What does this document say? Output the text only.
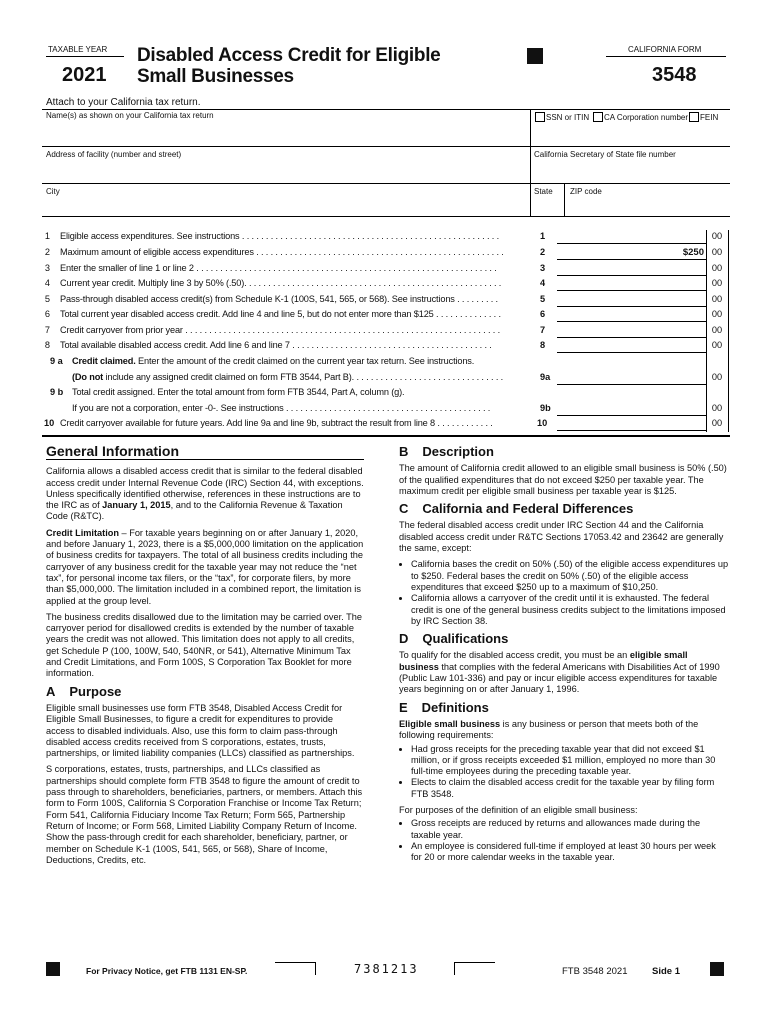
TAXABLE YEAR
2021
Disabled Access Credit for Eligible
Small Businesses
CALIFORNIA FORM
3548
Attach to your California tax return.
Name(s) as shown on your California tax return	SSN or ITIN CA Corporation number FEIN
Address of facility (number and street)	California Secretary of State file number
City	State ZIP code
1 Eligible access expenditures. See instructions . . . . . . . . . . . . . . . . . . . . . . . . . . . . . . . . . . . . . . . . . . . . . . . . . . . . . .	1	00
2 Maximum amount of eligible access expenditures . . . . . . . . . . . . . . . . . . . . . . . . . . . . . . . . . . . . . . . . . . . . . . . . . . . .	2	$250 00
3 Enter the smaller of line 1 or line 2 . . . . . . . . . . . . . . . . . . . . . . . . . . . . . . . . . . . . . . . . . . . . . . . . . . . . . . . . . . . . . . .	3	00
4 Current year credit. Multiply line 3 by 50% (.50). . . . . . . . . . . . . . . . . . . . . . . . . . . . . . . . . . . . . . . . . . . . . . . . . . . . . .	4	00
5 Pass-through disabled access credit(s) from Schedule K-1 (100S, 541, 565, or 568). See instructions . . . . . . . . .	5	00
6 Total current year disabled access credit. Add line 4 and line 5, but do not enter more than $125 . . . . . . . . . . . . . .	6	00
7 Credit carryover from prior year . . . . . . . . . . . . . . . . . . . . . . . . . . . . . . . . . . . . . . . . . . . . . . . . . . . . . . . . . . . . . . . . . .	7	00
8 Total available disabled access credit. Add line 6 and line 7 . . . . . . . . . . . . . . . . . . . . . . . . . . . . . . . . . . . . . . . . . .	8	00
9 a Credit claimed. Enter the amount of the credit claimed on the current year tax return. See instructions.
(Do not include any assigned credit claimed on form FTB 3544, Part B). . . . . . . . . . . . . . . . . . . . . . . . . . . . . . . .	9a	00
9 b Total credit assigned. Enter the total amount from form FTB 3544, Part A, column (g).
If you are not a corporation, enter -0-. See instructions . . . . . . . . . . . . . . . . . . . . . . . . . . . . . . . . . . . . . . . . . . .	9b	00
10 Credit carryover available for future years. Add line 9a and line 9b, subtract the result from line 8 . . . . . . . . . . . .	10	00
General Information

California allows a disabled access credit that is similar to the federal disabled access credit under Internal Revenue Code (IRC) Section 44, with exceptions. Unless specifically identified otherwise, references in these instructions are to the IRC as of January 1, 2015, and to the California Revenue & Taxation Code (R&TC).

Credit Limitation – For taxable years beginning on or after January 1, 2020, and before January 1, 2023, there is a $5,000,000 limitation on the application of business credits for taxpayers. The total of all business credits including the carryover of any business credit for the taxable year may not reduce the “net tax”, for personal income tax filers, or the “tax”, for corporate filers, by more than $5,000,000. The limitation included in a combined report, the limitation is applied at the group level.

The business credits disallowed due to the limitation may be carried over. The carryover period for disallowed credits is extended by the number of taxable years the credit was not allowed. This limitation does not apply to all credits, get Schedule P (100, 100W, 540, 540NR, or 541), Alternative Minimum Tax and Credit Limitations, and Form 100S, S Corporation Tax Booklet for more information.

A Purpose

Eligible small businesses use form FTB 3548, Disabled Access Credit for Eligible Small Businesses, to figure a credit for expenditures to provide access to disabled individuals. Also, use this form to claim pass-through disabled access credits received from S corporations, estates, trusts, partnerships, or limited liability companies (LLCs) classified as partnerships.

S corporations, estates, trusts, partnerships, and LLCs classified as partnerships should complete form FTB 3548 to figure the amount of credit to pass through to shareholders, beneficiaries, partners, or members. Attach this form to Form 100S, California S Corporation Franchise or Income Tax Return; Form 541, California Fiduciary Income Tax Return; Form 565, Partnership Return of Income; or Form 568, Limited Liability Company Return of Income. Show the pass-through credit for each shareholder, beneficiary, partner, or member on Schedule K-1 (100S, 541, 565, or 568), Share of Income, Deductions, Credits, etc.

B Description

The amount of California credit allowed to an eligible small business is 50% (.50) of the qualified expenditures that do not exceed $250 per taxable year. The maximum credit per eligible small business per taxable year is $125.

C California and Federal Differences

The federal disabled access credit under IRC Section 44 and the California disabled access credit under R&TC Sections 17053.42 and 23642 are generally the same, except:

• California bases the credit on 50% (.50) of the eligible access expenditures up to $250. Federal bases the credit on 50% (.50) of the eligible access expenditures that exceed $250 up to a maximum of $10,250.
• California allows a carryover of the credit until it is exhausted. The federal credit is one of the general business credits subject to the limitations imposed by IRC Section 38.
D Qualifications

To qualify for the disabled access credit, you must be an eligible small business that complies with the federal Americans with Disabilities Act of 1990 (Public Law 101-336) and pay or incur eligible access expenditures for taxable years beginning on or after January 1, 1996.

E Definitions

Eligible small business is any business or person that meets both of the following requirements:

• Had gross receipts for the preceding taxable year that did not exceed $1 million, or if gross receipts exceeded $1 million, employed no more than 30 full-time employees during the preceding taxable year.
• Elects to claim the disabled access credit for the taxable year by filing form FTB 3548.

For purposes of the definition of an eligible small business:

• Gross receipts are reduced by returns and allowances made during the taxable year.
• An employee is considered full-time if employed at least 30 hours per week for 20 or more calendar weeks in the taxable year.
For Privacy Notice, get FTB 1131 EN-SP.	7381213	FTB 3548 2021	Side 1
